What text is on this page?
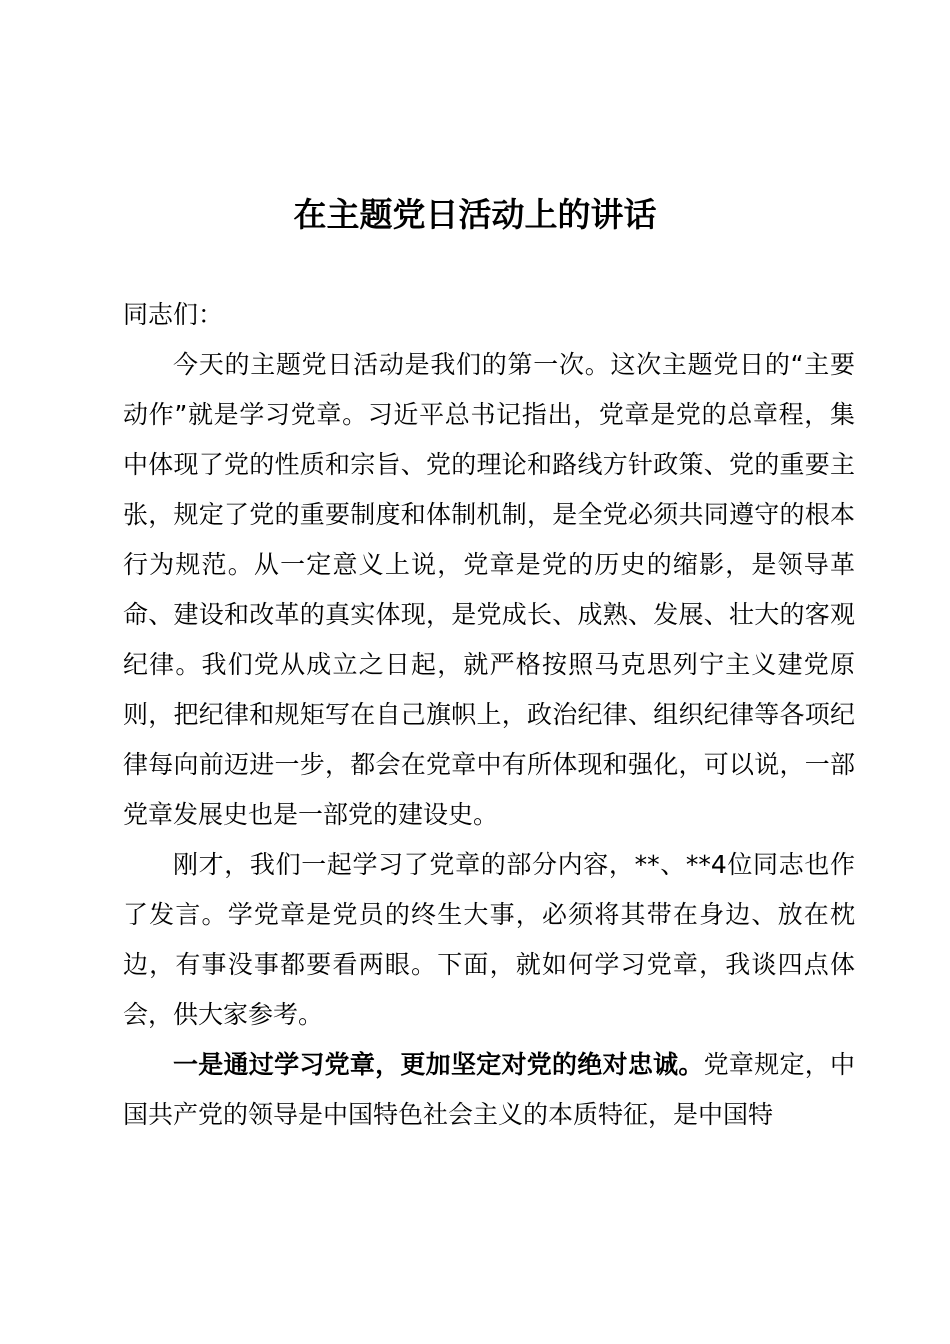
在主题党日活动上的讲话

同志们：

今天的主题党日活动是我们的第一次。这次主题党日的“主要动作”就是学习党章。习近平总书记指出，党章是党的总章程，集中体现了党的性质和宗旨、党的理论和路线方针政策、党的重要主张，规定了党的重要制度和体制机制，是全党必须共同遵守的根本行为规范。从一定意义上说，党章是党的历史的缩影，是领导革命、建设和改革的真实体现，是党成长、成熟、发展、壮大的客观纪律。我们党从成立之日起，就严格按照马克思列宁主义建党原则，把纪律和规矩写在自己旗帜上，政治纪律、组织纪律等各项纪律每向前迈进一步，都会在党章中有所体现和强化，可以说，一部党章发展史也是一部党的建设史。

刚才，我们一起学习了党章的部分内容，**、**4位同志也作了发言。学党章是党员的终生大事，必须将其带在身边、放在枕边，有事没事都要看两眼。下面，就如何学习党章，我谈四点体会，供大家参考。

一是通过学习党章，更加坚定对党的绝对忠诚。党章规定，中国共产党的领导是中国特色社会主义的本质特征，是中国特
